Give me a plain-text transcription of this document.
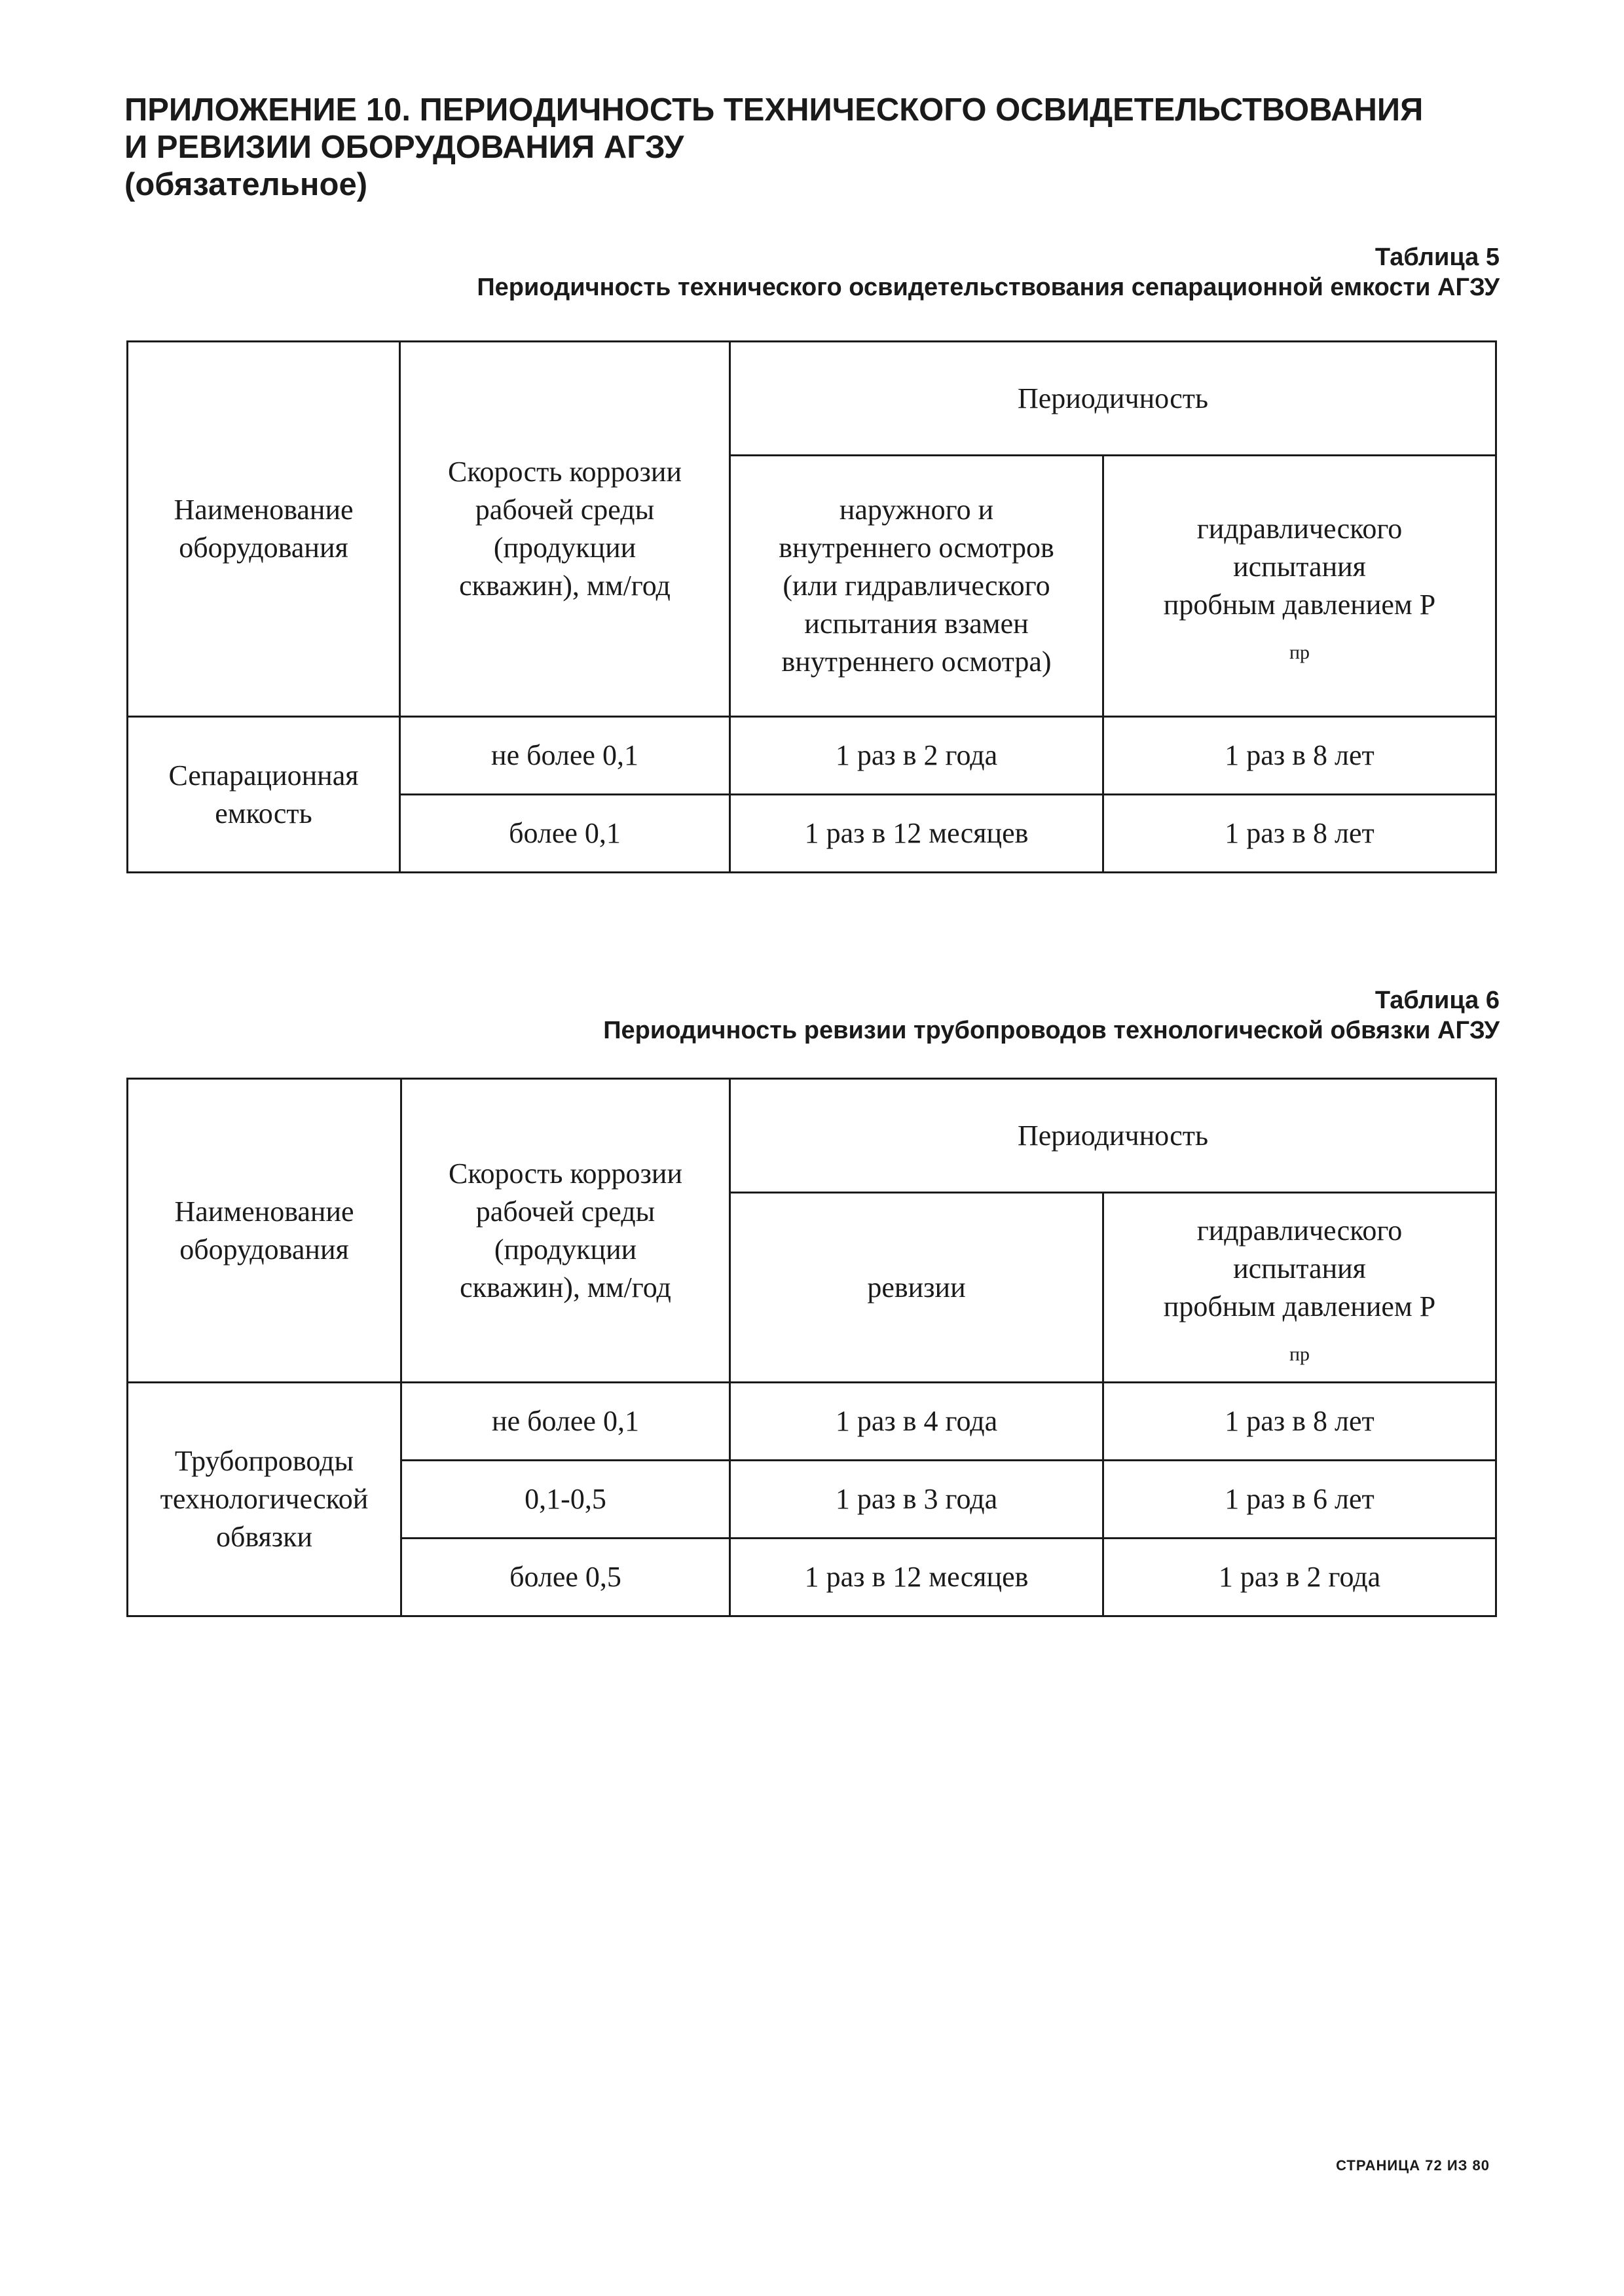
ПРИЛОЖЕНИЕ 10. ПЕРИОДИЧНОСТЬ ТЕХНИЧЕСКОГО ОСВИДЕТЕЛЬСТВОВАНИЯ
И РЕВИЗИИ ОБОРУДОВАНИЯ АГЗУ
(обязательное)
Таблица 5
Периодичность технического освидетельствования сепарационной емкости АГЗУ
Наименование
оборудования	Скорость коррозии
рабочей среды
(продукции
скважин), мм/год	Периодичность	

		наружного и
внутреннего осмотров
(или гидравлического
испытания взамен
внутреннего осмотра)	гидравлического
испытания
пробным давлением Р
$_{пр}$

Сепарационная емкость	не более 0,1	1 раз в 2 года	1 раз в 8 лет
	более 0,1	1 раз в 12 месяцев	1 раз в 8 лет
Таблица 6
Периодичность ревизии трубопроводов технологической обвязки АГЗУ
Наименование
оборудования	Скорость коррозии
рабочей среды
(продукции
скважин), мм/год	Периодичность	
		ревизии	гидравлического
испытания
пробным давлением Р
$_{пр}$

Трубопроводы
технологической
обвязки	не более 0,1	1 раз в 4 года	1 раз в 8 лет
	0,1-0,5	1 раз в 3 года	1 раз в 6 лет
	более 0,5	1 раз в 12 месяцев	1 раз в 2 года
СТРАНИЦА 72 ИЗ 80
